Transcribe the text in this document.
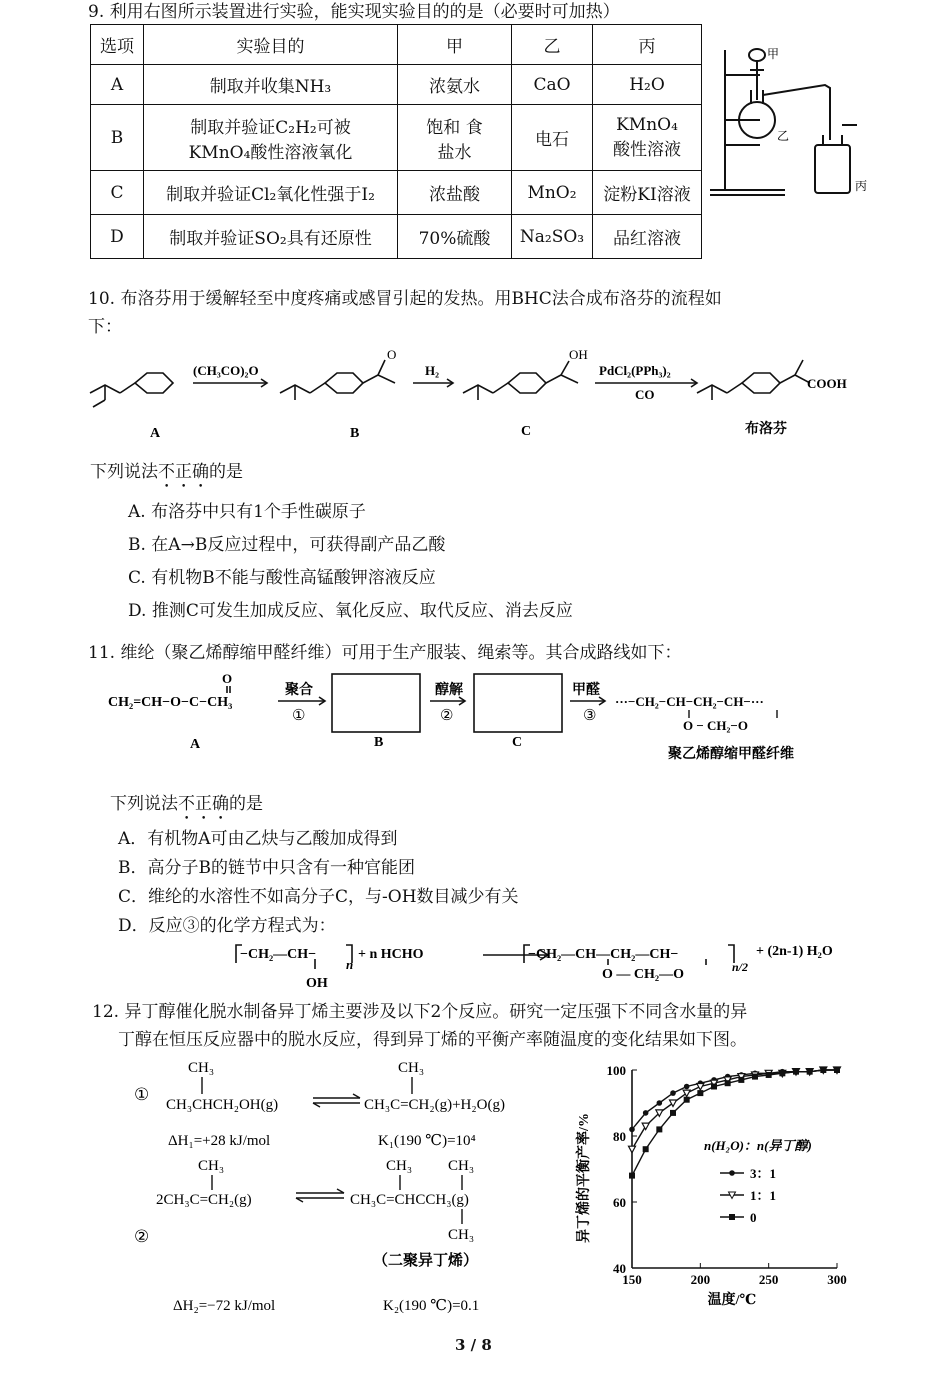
9. 利用右图所示装置进行实验，能实现实验目的的是（必要时可加热）
选项	实验目的	甲	乙	丙
A	制取并收集NH₃	浓氨水	CaO	H₂O
B	制取并验证C₂H₂可被 KMnO₄酸性溶液氧化	饱和 食盐水	电石	KMnO₄ 酸性溶液
C	制取并验证Cl₂氧化性强于I₂	浓盐酸	MnO₂	淀粉KI溶液
D	制取并验证SO₂具有还原性	70%硫酸	Na₂SO₃	品红溶液
甲
乙
丙
10. 布洛芬用于缓解轻至中度疼痛或感冒引起的发热。用BHC法合成布洛芬的流程如
下：
(CH₃CO)₂O	H₂	PdCl₂(PPh₃)₂
CO
O	OH
COOH
A	B	C	布洛芬
下列说法不正确的是
A. 布洛芬中只有1个手性碳原子
B. 在A→B反应过程中，可获得副产品乙酸
C. 有机物B不能与酸性高锰酸钾溶液反应
D. 推测C可发生加成反应、氧化反应、取代反应、消去反应
11. 维纶（聚乙烯醇缩甲醛纤维）可用于生产服装、绳索等。其合成路线如下：
CH₂=CH−O−C−CH₃
O
聚合
①
醇解
②
甲醛
③
···−CH₂−CH−CH₂−CH−···
O − CH₂−O
A	B	C
聚乙烯醇缩甲醛纤维
下列说法不正确的是
A．有机物A可由乙炔与乙酸加成得到
B．高分子B的链节中只含有一种官能团
C．维纶的水溶性不如高分子C，与-OH数目减少有关
D．反应③的化学方程式为：
−CH₂—CH−
OH
n
+ n HCHO	−CH₂—CH—CH₂—CH−
O — CH₂—O	n/2
+ (2n-1) H₂O
12. 异丁醇催化脱水制备异丁烯主要涉及以下2个反应。研究一定压强下不同含水量的异
丁醇在恒压反应器中的脱水反应，得到异丁烯的平衡产率随温度的变化结果如下图。
①
CH₃
CH₃CHCH₂OH(g)
CH₃
CH₃C=CH₂(g)+H₂O(g)
ΔH₁=+28 kJ/mol	K₁(190 ℃)=10⁴
CH₃
2CH₃C=CH₂(g)
CH₃ CH₃
CH₃C=CHCCH₃(g)
CH₃
②
（二聚异丁烯）
ΔH₂=−72 kJ/mol	K₂(190 ℃)=0.1
150	200	250	300
40
60
80
100
3：1
1：1
0
异丁烯的平衡产率/%
温度/℃
n(H₂O)：n(异丁醇)
3 / 8
